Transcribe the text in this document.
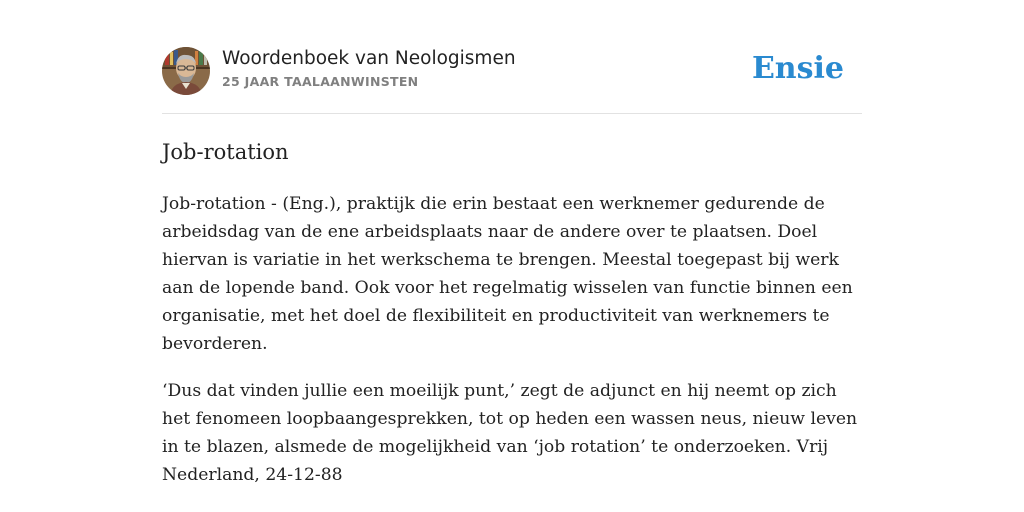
Woordenboek van Neologismen
25 JAAR TAALAANWINSTEN	Ensie
Job-rotation

Job-rotation - (Eng.), praktijk die erin bestaat een werknemer gedurende de arbeidsdag van de ene arbeidsplaats naar de andere over te plaatsen. Doel hiervan is variatie in het werkschema te brengen. Meestal toegepast bij werk aan de lopende band. Ook voor het regelmatig wisselen van functie binnen een organisatie, met het doel de flexibiliteit en productiviteit van werknemers te bevorderen.

‘Dus dat vinden jullie een moeilijk punt,’ zegt de adjunct en hij neemt op zich het fenomeen loopbaangesprekken, tot op heden een wassen neus, nieuw leven in te blazen, alsmede de mogelijkheid van ‘job rotation’ te onderzoeken. Vrij Nederland, 24-12-88
